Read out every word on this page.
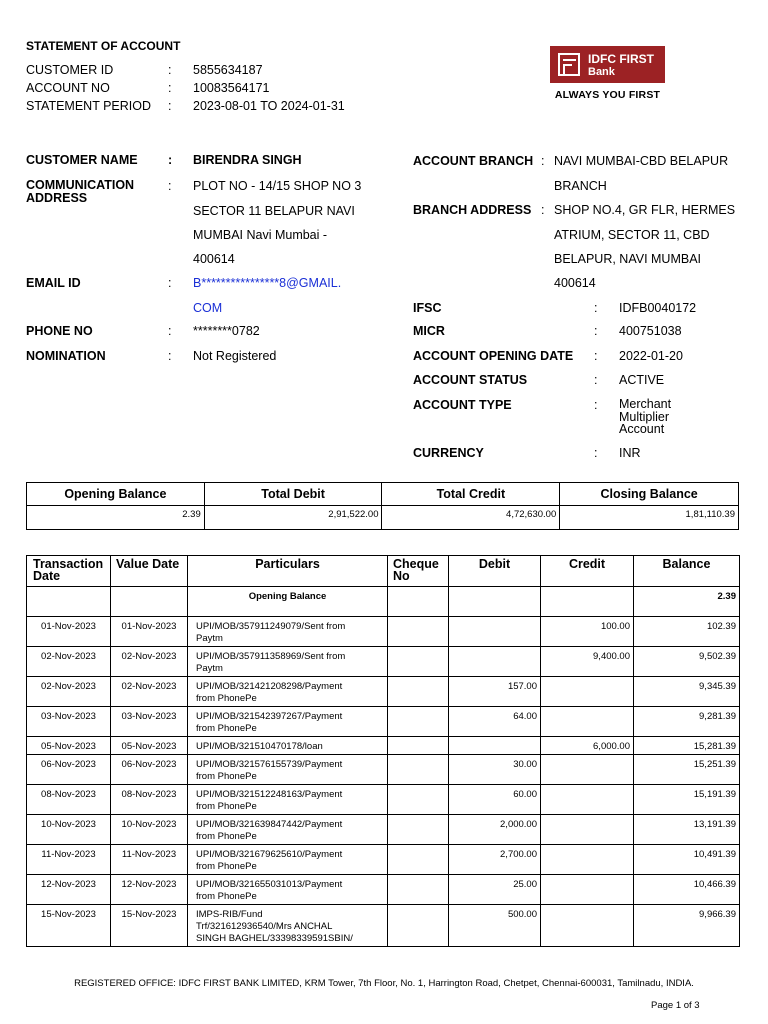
STATEMENT OF ACCOUNT
CUSTOMER ID	: 5855634187
ACCOUNT NO	: 10083564171
STATEMENT PERIOD : 2023-08-01 TO 2024-01-31
IDFC FIRST
Bank
ALWAYS YOU FIRST
CUSTOMER NAME : BIRENDRA SINGH
COMMUNICATION
ADDRESS
: PLOT NO - 14/15 SHOP NO 3
SECTOR 11 BELAPUR NAVI
MUMBAI Navi Mumbai -
400614
EMAIL ID	: B****************8@GMAIL.
COM
PHONE NO	: ********0782
NOMINATION	: Not Registered
ACCOUNT BRANCH : NAVI MUMBAI-CBD BELAPUR
BRANCH
BRANCH ADDRESS : SHOP NO.4, GR FLR, HERMES
ATRIUM, SECTOR 11, CBD
BELAPUR, NAVI MUMBAI
400614
IFSC	: IDFB0040172
MICR	: 400751038
ACCOUNT OPENING DATE : 2022-01-20
ACCOUNT STATUS	: ACTIVE
ACCOUNT TYPE	: Merchant
Multiplier
Account
CURRENCY	: INR
Opening Balance	Total Debit	Total Credit	Closing Balance
2.39	2,91,522.00	4,72,630.00	1,81,110.39
Transaction Date	Value Date	Particulars	Cheque No	Debit	Credit	Balance
		Opening Balance				2.39
01-Nov-2023	01-Nov-2023	UPI/MOB/357911249079/Sent from
Paytm			100.00	102.39
02-Nov-2023	02-Nov-2023	UPI/MOB/357911358969/Sent from
Paytm			9,400.00	9,502.39
02-Nov-2023	02-Nov-2023	UPI/MOB/321421208298/Payment
from PhonePe		157.00		9,345.39
03-Nov-2023	03-Nov-2023	UPI/MOB/321542397267/Payment
from PhonePe		64.00		9,281.39
05-Nov-2023	05-Nov-2023	UPI/MOB/321510470178/loan			6,000.00	15,281.39
06-Nov-2023	06-Nov-2023	UPI/MOB/321576155739/Payment
from PhonePe		30.00		15,251.39
08-Nov-2023	08-Nov-2023	UPI/MOB/321512248163/Payment
from PhonePe		60.00		15,191.39
10-Nov-2023	10-Nov-2023	UPI/MOB/321639847442/Payment
from PhonePe		2,000.00		13,191.39
11-Nov-2023	11-Nov-2023	UPI/MOB/321679625610/Payment
from PhonePe		2,700.00		10,491.39
12-Nov-2023	12-Nov-2023	UPI/MOB/321655031013/Payment
from PhonePe		25.00		10,466.39
15-Nov-2023	15-Nov-2023	IMPS-RIB/Fund
Trf/321612936540/Mrs ANCHAL
SINGH BAGHEL/33398339591SBIN/		500.00		9,966.39
REGISTERED OFFICE: IDFC FIRST BANK LIMITED, KRM Tower, 7th Floor, No. 1, Harrington Road, Chetpet, Chennai-600031, Tamilnadu, INDIA.
Page 1 of 3
